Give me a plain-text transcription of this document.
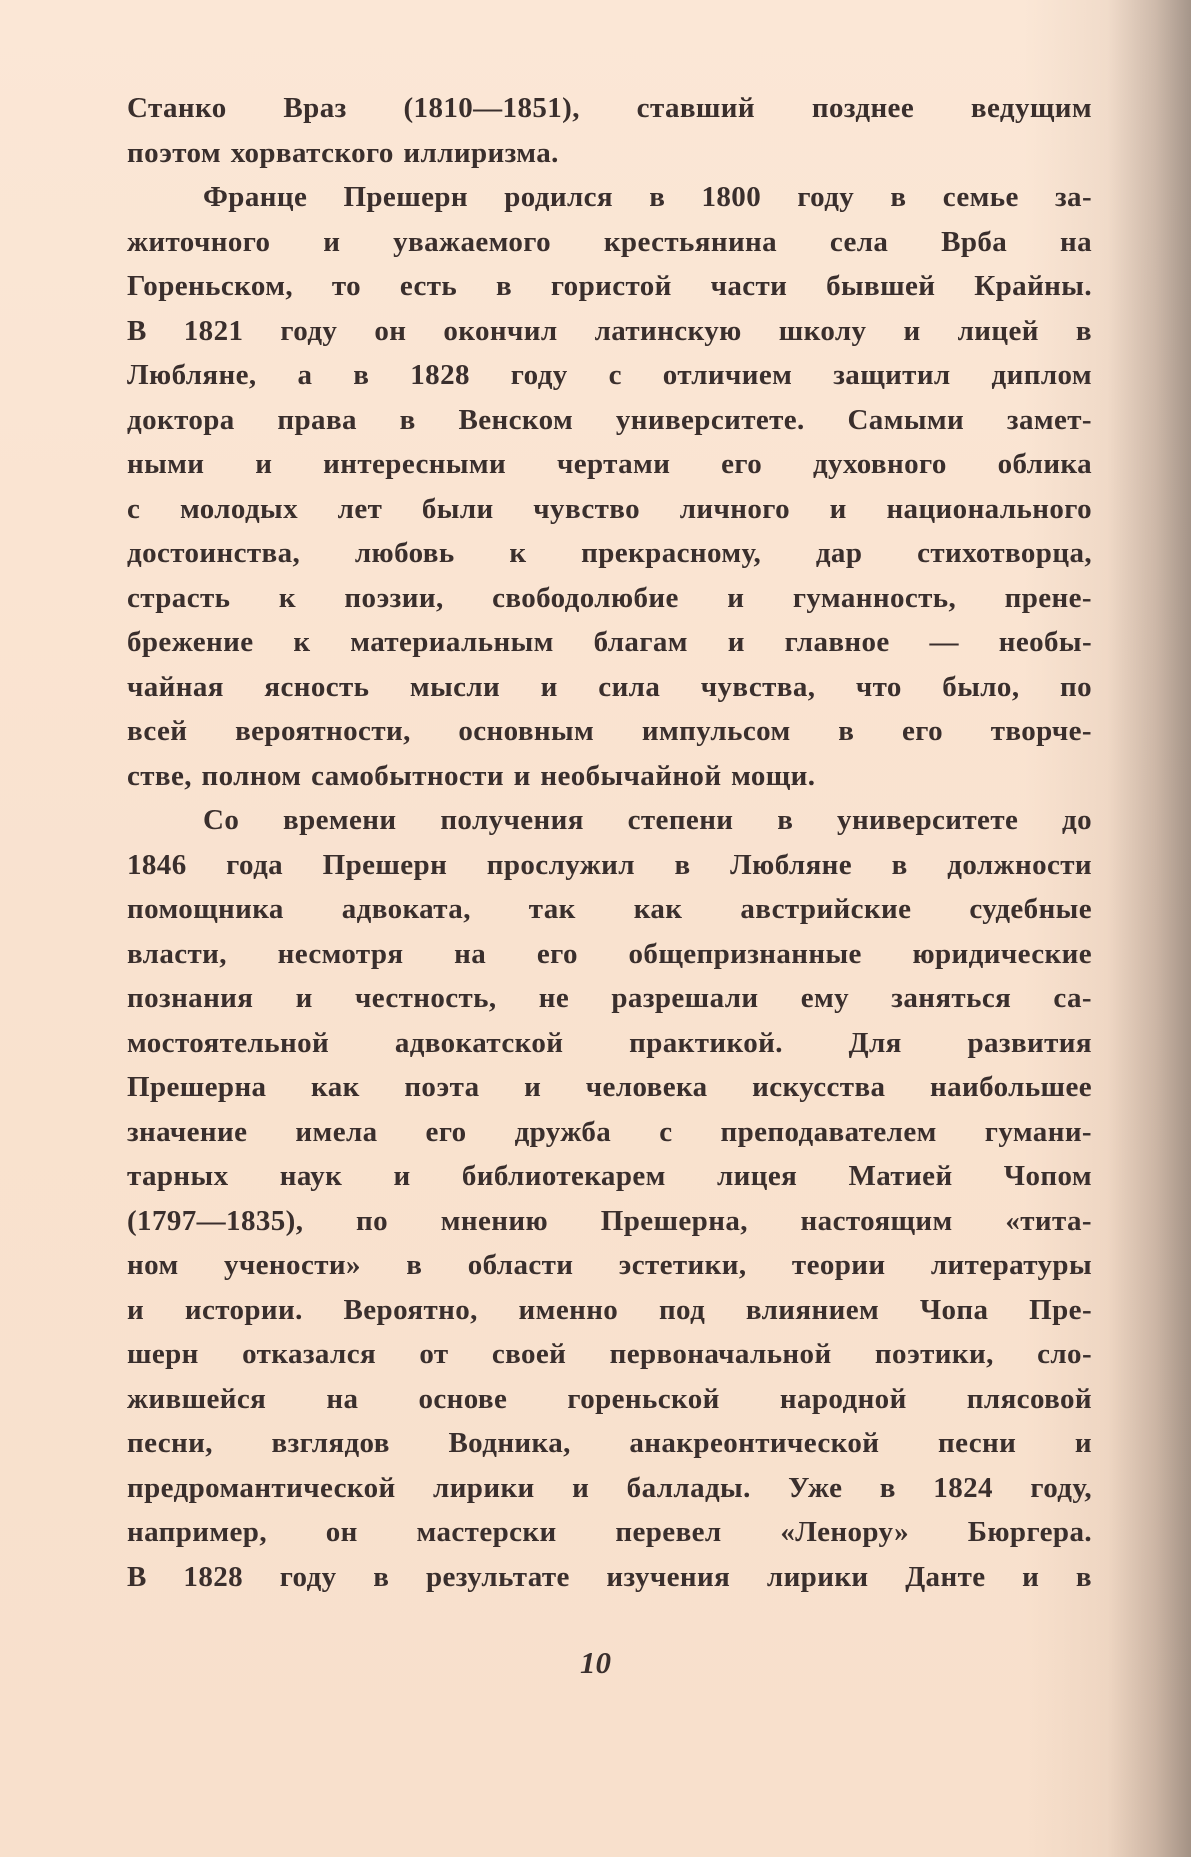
Станко Враз (1810—1851), ставший позднее ведущим
поэтом хорватского иллиризма.
Франце Прешерн родился в 1800 году в семье за-
житочного и уважаемого крестьянина села Врба на
Гореньском, то есть в гористой части бывшей Крайны.
В 1821 году он окончил латинскую школу и лицей в
Любляне, а в 1828 году с отличием защитил диплом
доктора права в Венском университете. Самыми замет-
ными и интересными чертами его духовного облика
с молодых лет были чувство личного и национального
достоинства, любовь к прекрасному, дар стихотворца,
страсть к поэзии, свободолюбие и гуманность, прене-
брежение к материальным благам и главное — необы-
чайная ясность мысли и сила чувства, что было, по
всей вероятности, основным импульсом в его творче-
стве, полном самобытности и необычайной мощи.
Со времени получения степени в университете до
1846 года Прешерн прослужил в Любляне в должности
помощника адвоката, так как австрийские судебные
власти, несмотря на его общепризнанные юридические
познания и честность, не разрешали ему заняться са-
мостоятельной адвокатской практикой. Для развития
Прешерна как поэта и человека искусства наибольшее
значение имела его дружба с преподавателем гумани-
тарных наук и библиотекарем лицея Матией Чопом
(1797—1835), по мнению Прешерна, настоящим «тита-
ном учености» в области эстетики, теории литературы
и истории. Вероятно, именно под влиянием Чопа Пре-
шерн отказался от своей первоначальной поэтики, сло-
жившейся на основе гореньской народной плясовой
песни, взглядов Водника, анакреонтической песни и
предромантической лирики и баллады. Уже в 1824 году,
например, он мастерски перевел «Ленору» Бюргера.
В 1828 году в результате изучения лирики Данте и в
10
